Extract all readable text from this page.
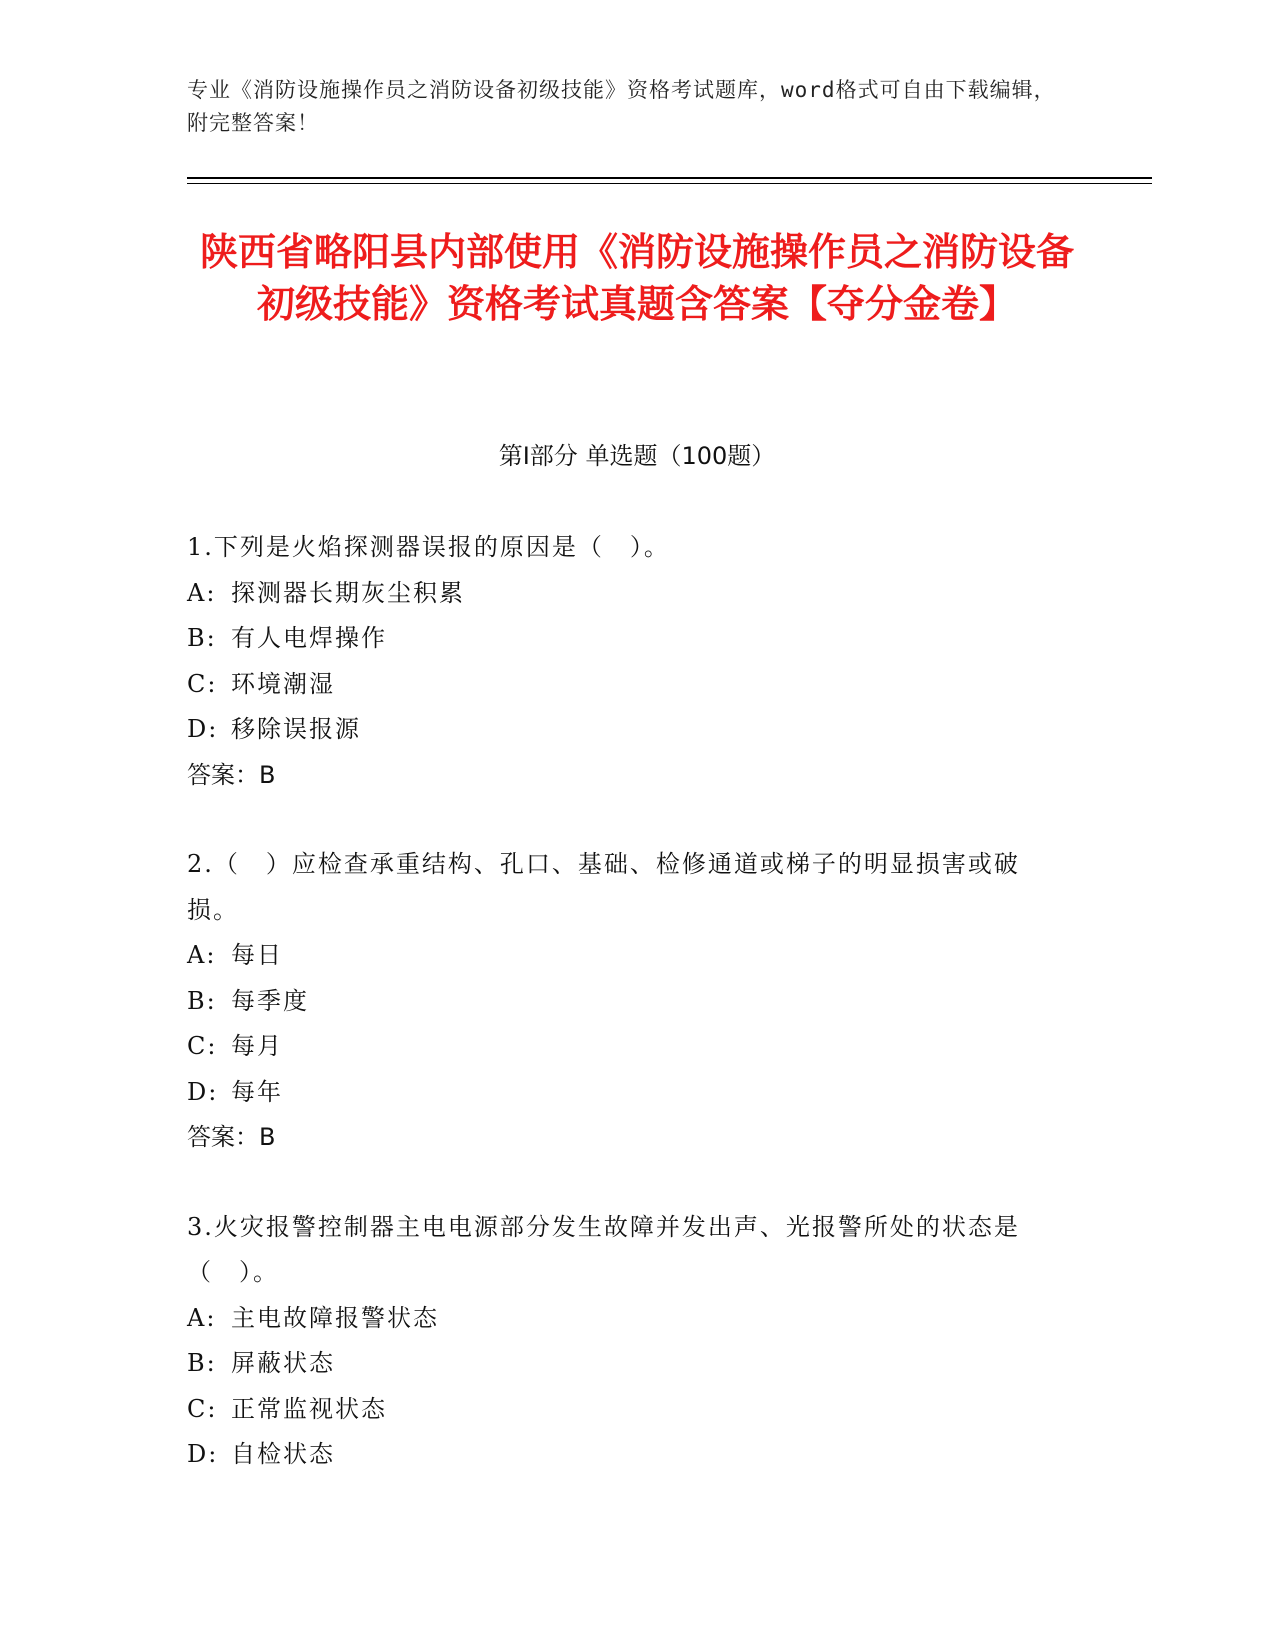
专业《消防设施操作员之消防设备初级技能》资格考试题库，word格式可自由下载编辑，附完整答案！
陕西省略阳县内部使用《消防设施操作员之消防设备初级技能》资格考试真题含答案【夺分金卷】
第Ⅰ部分 单选题（100题）
1.下列是火焰探测器误报的原因是（　）。
A: 探测器长期灰尘积累
B: 有人电焊操作
C: 环境潮湿
D: 移除误报源
答案：B
2.（　）应检查承重结构、孔口、基础、检修通道或梯子的明显损害或破损。
A: 每日
B: 每季度
C: 每月
D: 每年
答案：B
3.火灾报警控制器主电电源部分发生故障并发出声、光报警所处的状态是（　）。
A: 主电故障报警状态
B: 屏蔽状态
C: 正常监视状态
D: 自检状态
